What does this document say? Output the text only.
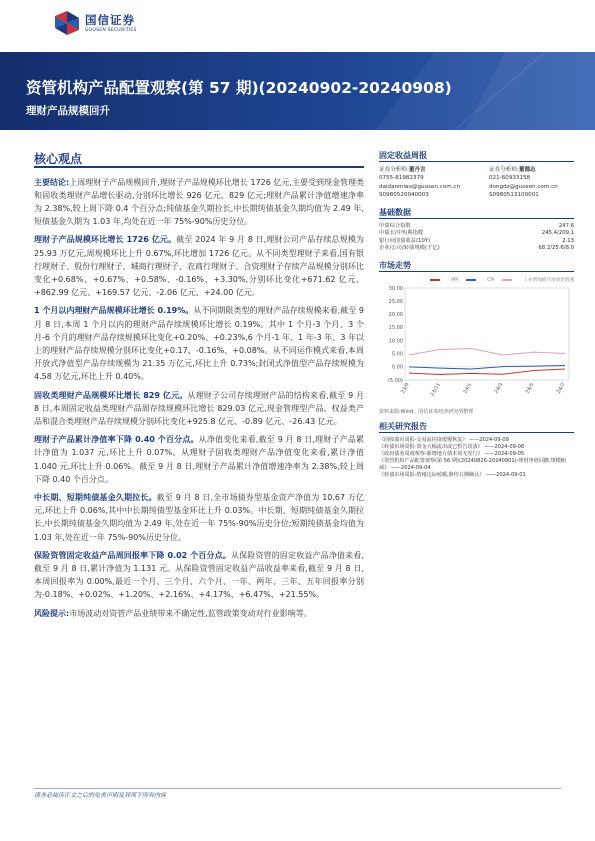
国信证券
GUOSEN SECURITIES
资管机构产品配置观察(第 57 期)(20240902-20240908)
理财产品规模回升
核心观点
主要结论:上周理财子产品规模回升,理财子产品规模环比增长 1726 亿元,主要受到现金管理类和固收类理财产品增长驱动,分别环比增长 926 亿元、829 亿元;理财产品累计净值增速净率为 2.38%,较上周下降 0.4 个百分点;纯债基金久期拉长,中长期纯债基金久期均值为 2.49 年,短债基金久期为 1.03 年,均处在近一年 75%-90%历史分位。
理财子产品规模环比增长 1726 亿元。截至 2024 年 9 月 8 日,理财公司产品存续总规模为 25.93 万亿元,周规模环比上升 0.67%,环比增加 1726 亿元。从不同类型理财子来看,国有银行理财子、股份行理财子、城商行理财子、农商行理财子、合资理财子存续产品规模分别环比变化+0.68%、+0.67%、+0.58%、-0.16%、+3.30%,分别环比变化+671.62 亿元、+862.99 亿元、+169.57 亿元、-2.06 亿元、+24.00 亿元。
1 个月以内理财产品规模环比增长 0.19%。从不同期限类型的理财产品存续规模来看,截至 9 月 8 日,本周 1 个月以内的理财产品存续规模环比增长 0.19%。其中 1 个月-3 个月、3 个月-6 个月的理财产品存续规模环比变化+0.20%、+0.23%,6 个月-1 年、1 年-3 年、3 年以上的理财产品存续规模分别环比变化+0.17、-0.16%、+0.08%。从不同运作模式来看,本周开放式净值型产品存续规模为 21.35 万亿元,环比上升 0.73%;封闭式净值型产品存续规模为 4.58 万亿元,环比上升 0.40%。
固收类理财产品规模环比增长 829 亿元。从理财子公司存续理财产品的结构来看,截至 9 月 8 日,本周固定收益类理财产品周存续规模环比增长 829.03 亿元,现金管理型产品、权益类产品和混合类理财产品存续规模分别环比变化+925.8 亿元、-0.89 亿元、-26.43 亿元。
理财子产品累计净值率下降 0.40 个百分点。从净值变化来看,截至 9 月 8 日,理财子产品累计净值为 1.037 元,环比上升 0.07%。从理财子固收类理财产品净值变化来看,累计净值 1.040 元,环比上升 0.06%。截至 9 月 8 日,理财子产品累计净值增速净率为 2.38%,较上周下降 0.40 个百分点。
中长期、短期纯债基金久期拉长。截至 9 月 8 日,全市场债券型基金资产净值为 10.67 万亿元,环比上升 0.06%,其中中长期纯债型基金环比上升 0.03%。中长期、短期纯债基金久期拉长,中长期纯债基金久期均值为 2.49 年,处在近一年 75%-90%历史分位;短期纯债基金均值为 1.03 年,处在近一年 75%-90%历史分位。
保险资管固定收益产品周回报率下降 0.02 个百分点。从保险资管的固定收益产品净值来看,截至 9 月 8 日,累计净值为 1.131 元。从保险资管固定收益产品收益率来看,截至 9 月 8 日,本周回报率为 0.00%,最近一个月、三个月、六个月、一年、两年、三年、五年回报率分别为-0.18%、+0.02%、+1.20%、+2.16%、+4.17%、+6.47%、+21.55%。
风险提示:市场波动对资管产品业绩带来不确定性,监管政策变动对行业影响等。
固定收益周报
证券分析师:董丹言
0755-81982379
daidanmiao@guosen.com.cn
S0980520040003
证券分析师:董德志
021-60933158
dongdz@guosen.com.cn
S0980513100001
基础数据
中债综合指数	247.6
中债长/中短期指数	245.4/209.1
银行间国债收益(10Y)	2.13
企业/公司/转债规模(千亿)	68.2/25.6/8.0
市场走势
PPI	CPI	工业增加值月度同比增速
30.00
25.00
20.00
15.00
10.00
5.00
0.00
(5.00)
23/9	23/11	24/1	24/3	24/5	24/7
资料来源:Wind、国信证券经济研究所整理
相关研究报告
《固收债市周报-交易流拐度缓慢恢复》 ——2024-09-09
《转债市场周报-资金大幅流出或已暂告段落》 ——2024-09-08
《政府债务周度观察-新增地方债本周无发行》 ——2024-09-05
《资管机构产品配置观察(第 56 期)(20240826-20240901)-理财净值回撤,规模缩减》 ——2024-09-04
《转债市场周报-情绪边际转暖,静待右侧确认》 ——2024-09-01
请务必阅读正文之后的免责声明及其项下所有内容
